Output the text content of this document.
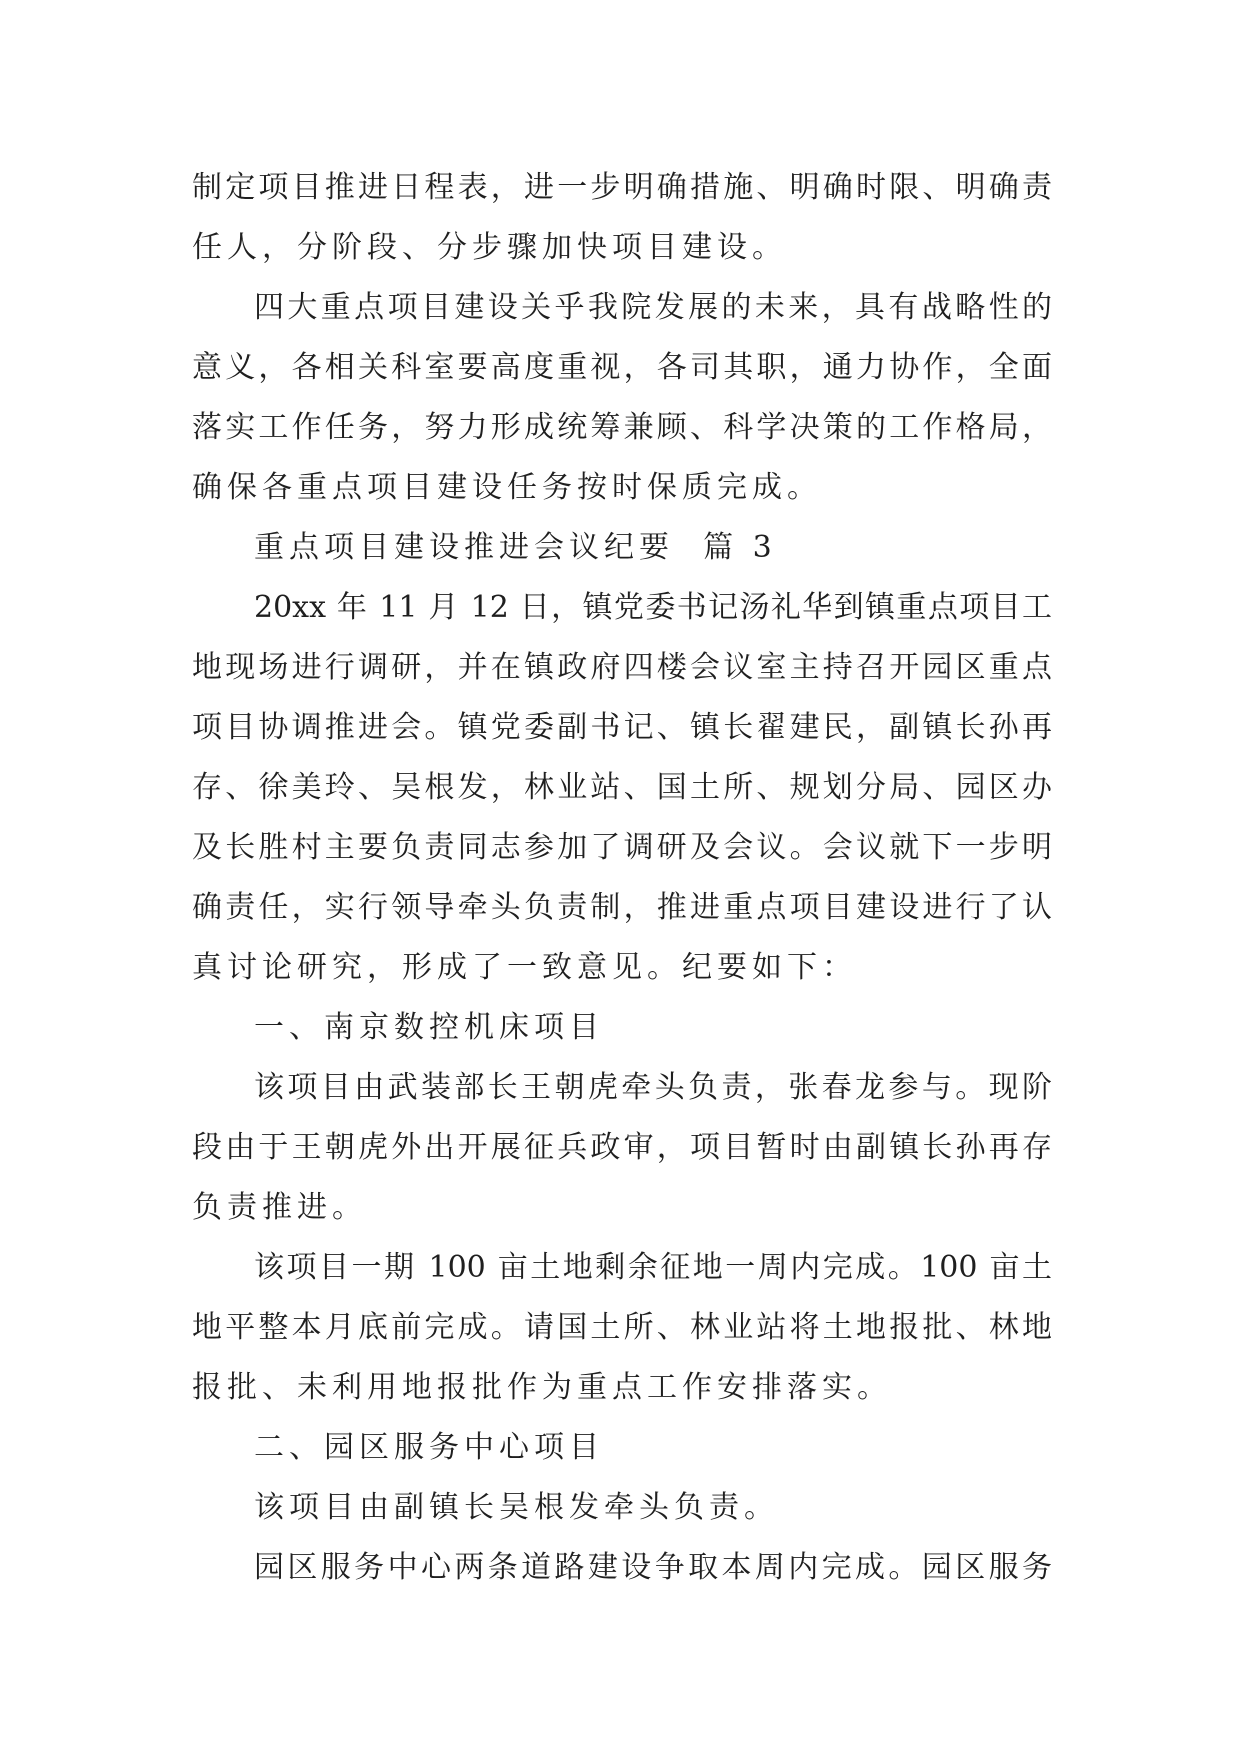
制定项目推进日程表，进一步明确措施、明确时限、明确责
任人，分阶段、分步骤加快项目建设。
四大重点项目建设关乎我院发展的未来，具有战略性的
意义，各相关科室要高度重视，各司其职，通力协作，全面
落实工作任务，努力形成统筹兼顾、科学决策的工作格局，
确保各重点项目建设任务按时保质完成。
重点项目建设推进会议纪要  篇 3
20xx 年 11 月 12 日，镇党委书记汤礼华到镇重点项目工
地现场进行调研，并在镇政府四楼会议室主持召开园区重点
项目协调推进会。镇党委副书记、镇长翟建民，副镇长孙再
存、徐美玲、吴根发，林业站、国土所、规划分局、园区办
及长胜村主要负责同志参加了调研及会议。会议就下一步明
确责任，实行领导牵头负责制，推进重点项目建设进行了认
真讨论研究，形成了一致意见。纪要如下：
一、南京数控机床项目
该项目由武装部长王朝虎牵头负责，张春龙参与。现阶
段由于王朝虎外出开展征兵政审，项目暂时由副镇长孙再存
负责推进。
该项目一期 100 亩土地剩余征地一周内完成。100 亩土
地平整本月底前完成。请国土所、林业站将土地报批、林地
报批、未利用地报批作为重点工作安排落实。
二、园区服务中心项目
该项目由副镇长吴根发牵头负责。
园区服务中心两条道路建设争取本周内完成。园区服务
